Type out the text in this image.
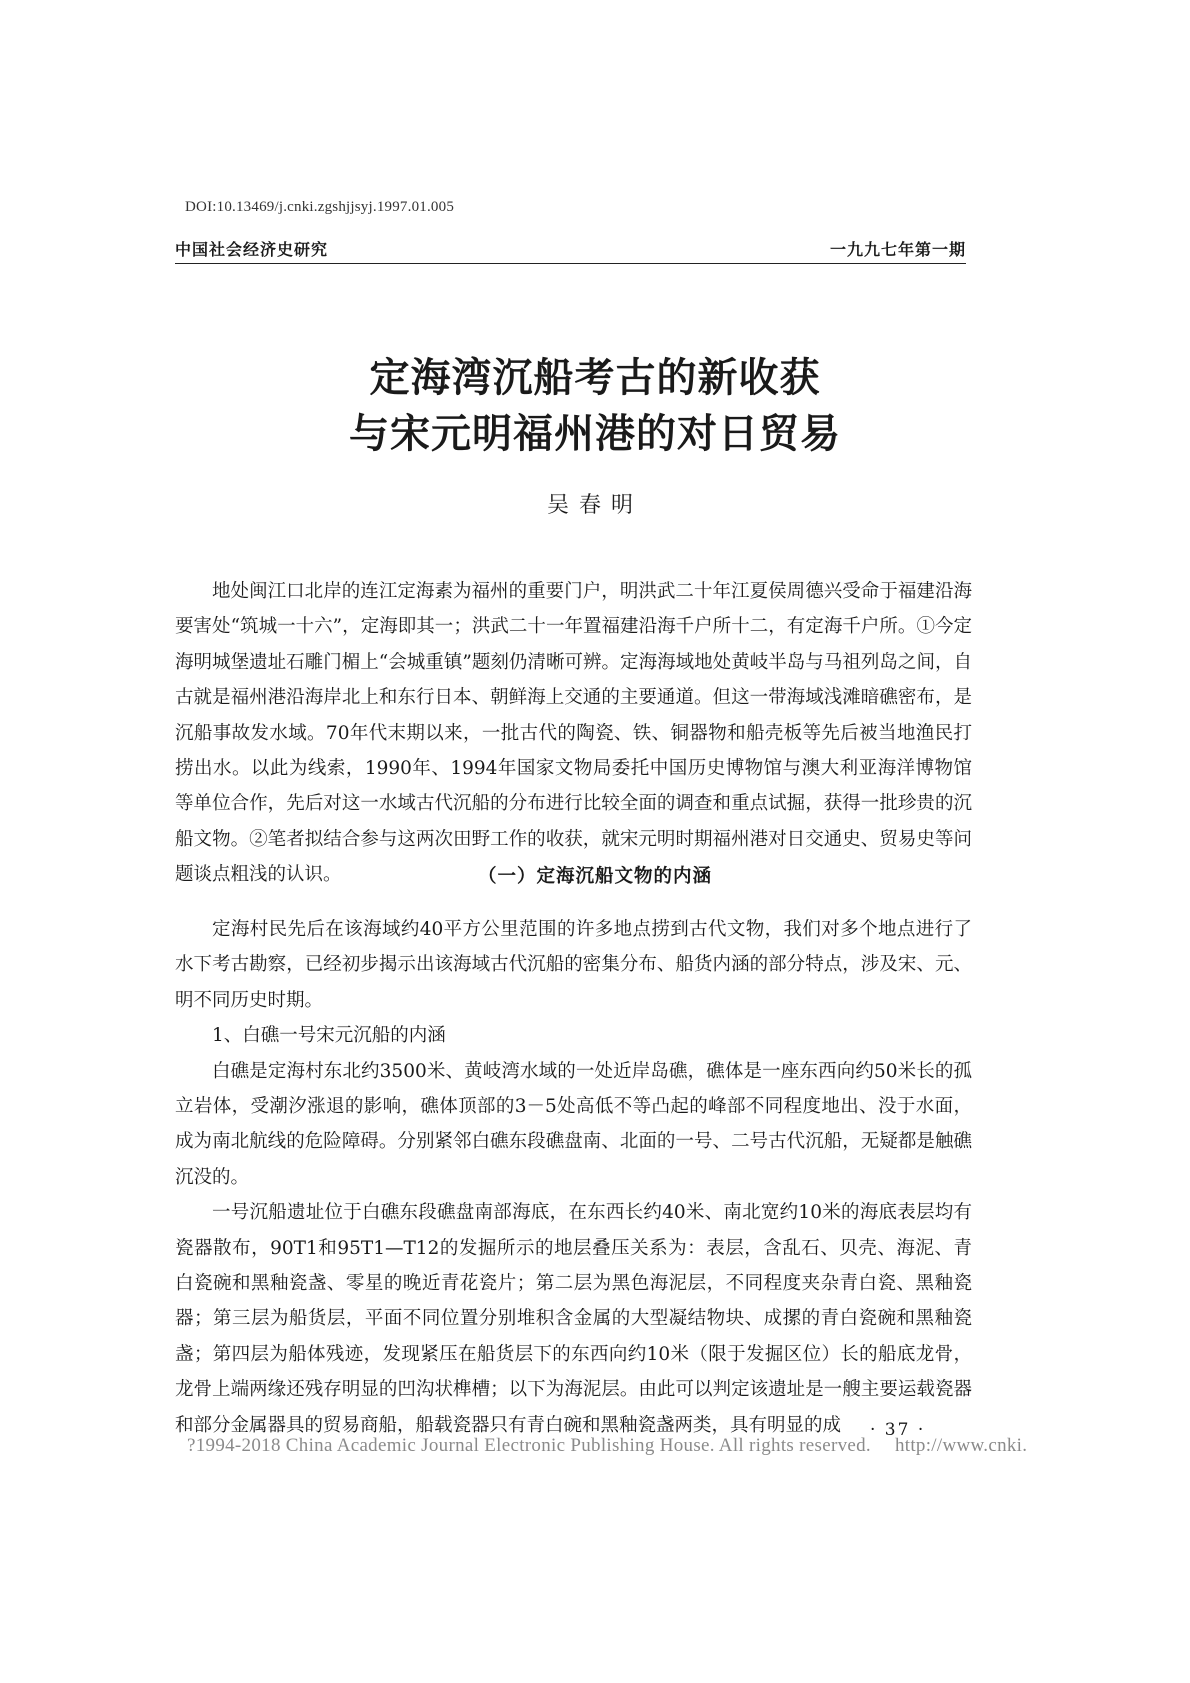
DOI:10.13469/j.cnki.zgshjjsyj.1997.01.005
中国社会经济史研究	一九九七年第一期
定海湾沉船考古的新收获
与宋元明福州港的对日贸易
吴春明

地处闽江口北岸的连江定海素为福州的重要门户，明洪武二十年江夏侯周德兴受命于福建沿海要害处“筑城一十六”，定海即其一；洪武二十一年置福建沿海千户所十二，有定海千户所。①今定海明城堡遗址石雕门楣上“会城重镇”题刻仍清晰可辨。定海海域地处黄岐半岛与马祖列岛之间，自古就是福州港沿海岸北上和东行日本、朝鲜海上交通的主要通道。但这一带海域浅滩暗礁密布，是沉船事故发水域。70年代末期以来，一批古代的陶瓷、铁、铜器物和船壳板等先后被当地渔民打捞出水。以此为线索，1990年、1994年国家文物局委托中国历史博物馆与澳大利亚海洋博物馆等单位合作，先后对这一水域古代沉船的分布进行比较全面的调查和重点试掘，获得一批珍贵的沉船文物。②笔者拟结合参与这两次田野工作的收获，就宋元明时期福州港对日交通史、贸易史等问题谈点粗浅的认识。	（一）定海沉船文物的内涵

定海村民先后在该海域约40平方公里范围的许多地点捞到古代文物，我们对多个地点进行了水下考古勘察，已经初步揭示出该海域古代沉船的密集分布、船货内涵的部分特点，涉及宋、元、明不同历史时期。

1、白礁一号宋元沉船的内涵

白礁是定海村东北约3500米、黄岐湾水域的一处近岸岛礁，礁体是一座东西向约50米长的孤立岩体，受潮汐涨退的影响，礁体顶部的3－5处高低不等凸起的峰部不同程度地出、没于水面，成为南北航线的危险障碍。分别紧邻白礁东段礁盘南、北面的一号、二号古代沉船，无疑都是触礁沉没的。

一号沉船遗址位于白礁东段礁盘南部海底，在东西长约40米、南北宽约10米的海底表层均有瓷器散布，90T1和95T1—T12的发掘所示的地层叠压关系为：表层，含乱石、贝壳、海泥、青白瓷碗和黑釉瓷盏、零星的晚近青花瓷片；第二层为黑色海泥层，不同程度夹杂青白瓷、黑釉瓷器；第三层为船货层，平面不同位置分别堆积含金属的大型凝结物块、成摞的青白瓷碗和黑釉瓷盏；第四层为船体残迹，发现紧压在船货层下的东西向约10米（限于发掘区位）长的船底龙骨，龙骨上端两缘还残存明显的凹沟状榫槽；以下为海泥层。由此可以判定该遗址是一艘主要运载瓷器和部分金属器具的贸易商船，船载瓷器只有青白碗和黑釉瓷盏两类，具有明显的成	· 37 ·
?1994-2018 China Academic Journal Electronic Publishing House. All rights reserved. http://www.cnki.
